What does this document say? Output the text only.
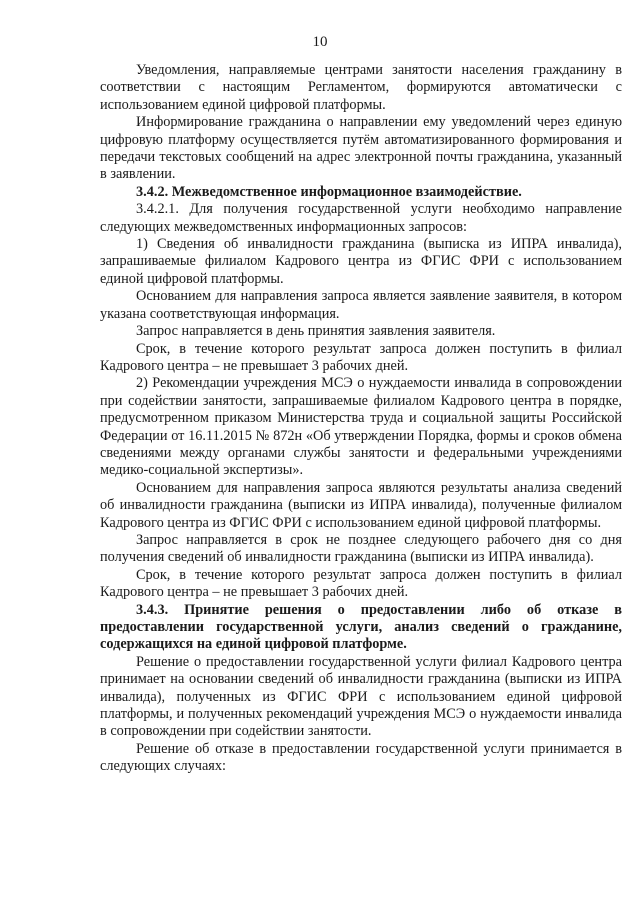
10

Уведомления, направляемые центрами занятости населения гражданину в соответствии с настоящим Регламентом, формируются автоматически с использованием единой цифровой платформы.

Информирование гражданина о направлении ему уведомлений через единую цифровую платформу осуществляется путём автоматизированного формирования и передачи текстовых сообщений на адрес электронной почты гражданина, указанный в заявлении.

3.4.2. Межведомственное информационное взаимодействие.

3.4.2.1. Для получения государственной услуги необходимо направление следующих межведомственных информационных запросов:

1) Сведения об инвалидности гражданина (выписка из ИПРА инвалида), запрашиваемые филиалом Кадрового центра из ФГИС ФРИ с использованием единой цифровой платформы.

Основанием для направления запроса является заявление заявителя, в котором указана соответствующая информация.

Запрос направляется в день принятия заявления заявителя.

Срок, в течение которого результат запроса должен поступить в филиал Кадрового центра – не превышает 3 рабочих дней.

2) Рекомендации учреждения МСЭ о нуждаемости инвалида в сопровождении при содействии занятости, запрашиваемые филиалом Кадрового центра в порядке, предусмотренном приказом Министерства труда и социальной защиты Российской Федерации от 16.11.2015 № 872н «Об утверждении Порядка, формы и сроков обмена сведениями между органами службы занятости и федеральными учреждениями медико-социальной экспертизы».

Основанием для направления запроса являются результаты анализа сведений об инвалидности гражданина (выписки из ИПРА инвалида), полученные филиалом Кадрового центра из ФГИС ФРИ с использованием единой цифровой платформы.

Запрос направляется в срок не позднее следующего рабочего дня со дня получения сведений об инвалидности гражданина (выписки из ИПРА инвалида).

Срок, в течение которого результат запроса должен поступить в филиал Кадрового центра – не превышает 3 рабочих дней.

3.4.3. Принятие решения о предоставлении либо об отказе в предоставлении государственной услуги, анализ сведений о гражданине, содержащихся на единой цифровой платформе.

Решение о предоставлении государственной услуги филиал Кадрового центра принимает на основании сведений об инвалидности гражданина (выписки из ИПРА инвалида), полученных из ФГИС ФРИ с использованием единой цифровой платформы, и полученных рекомендаций учреждения МСЭ о нуждаемости инвалида в сопровождении при содействии занятости.

Решение об отказе в предоставлении государственной услуги принимается в следующих случаях:
